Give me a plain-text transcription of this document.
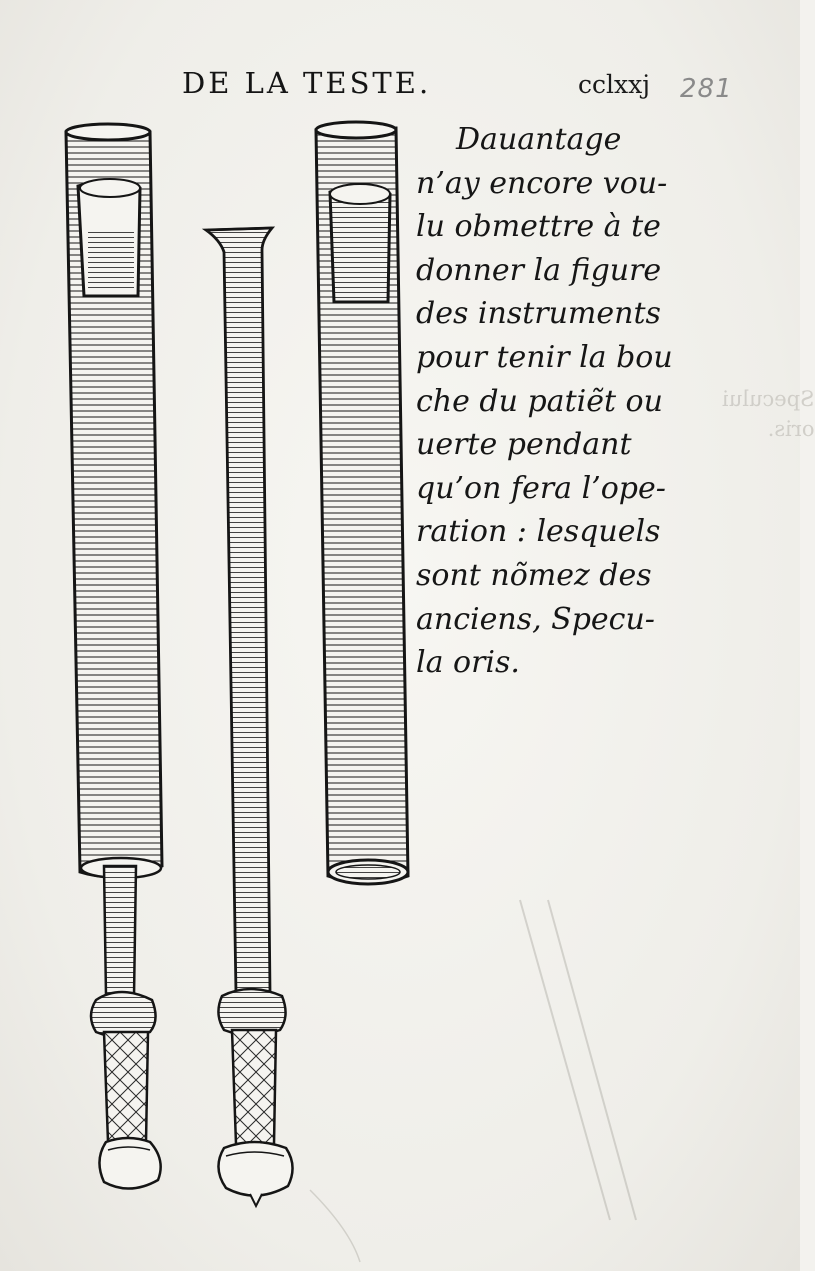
DE LA TESTE.	cclxxj 281
Dauantage
n’ay encore vou-
lu obmettre à te
donner la figure
des instruments
pour tenir la bou
che du patiẽt ou
uerte pendant
qu’on fera l’ope-
ration : lesquels
sont nõmez des
anciens, Specu-
la oris.
Specului
oris.
